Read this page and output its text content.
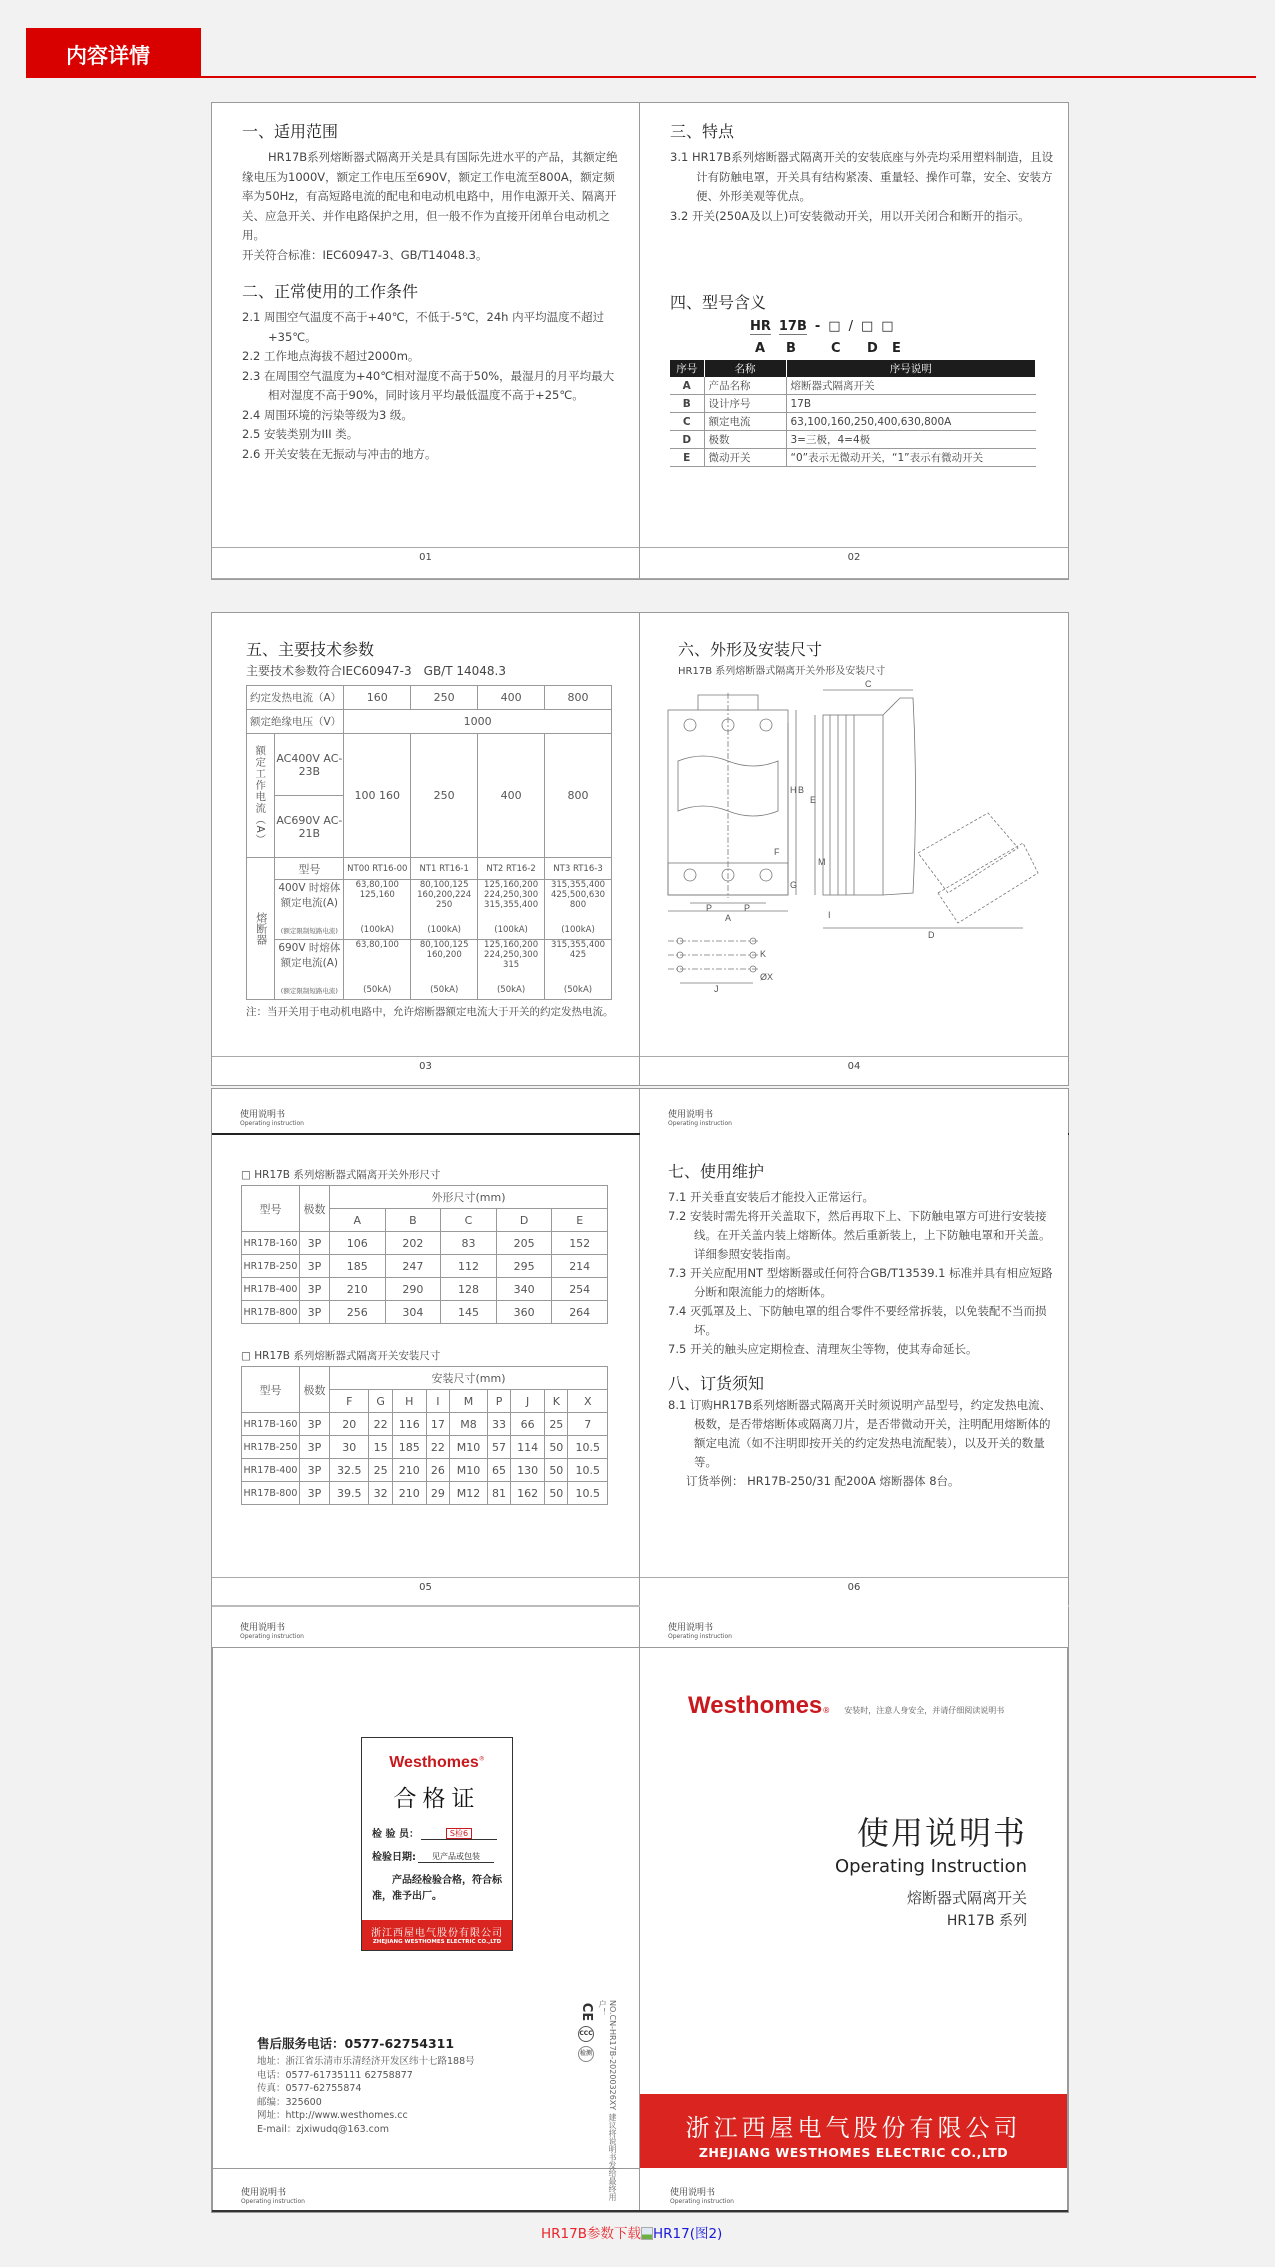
内容详情
一、适用范围

HR17B系列熔断器式隔离开关是具有国际先进水平的产品，其额定绝缘电压为1000V，额定工作电压至690V，额定工作电流至800A，额定频率为50Hz，有高短路电流的配电和电动机电路中，用作电源开关、隔离开关、应急开关、并作电路保护之用，但一般不作为直接开闭单台电动机之用。

开关符合标准：IEC60947-3、GB/T14048.3。

二、正常使用的工作条件

2.1 周围空气温度不高于+40℃，不低于-5℃，24h 内平均温度不超过+35℃。

2.2 工作地点海拔不超过2000m。

2.3 在周围空气温度为+40℃相对湿度不高于50%，最湿月的月平均最大相对湿度不高于90%，同时该月平均最低温度不高于+25℃。

2.4 周围环境的污染等级为3 级。

2.5 安装类别为III 类。

2.6 开关安装在无振动与冲击的地方。

01
三、特点

3.1 HR17B系列熔断器式隔离开关的安装底座与外壳均采用塑料制造，且设计有防触电罩，开关具有结构紧凑、重量轻、操作可靠，安全、安装方便、外形美观等优点。

3.2 开关(250A及以上)可安装微动开关，用以开关闭合和断开的指示。

四、型号含义
HR 17B - □ / □ □
A	B	C	D	E
序号	名称	序号说明
A	产品名称	熔断器式隔离开关
B	设计序号	17B
C	额定电流	63,100,160,250,400,630,800A
D	极数	3=三极，4=4极
E	微动开关	“0”表示无微动开关，“1”表示有微动开关
02
五、主要技术参数

主要技术参数符合IEC60947-3　GB/T 14048.3

约定发热电流（A）		160	250	400	800
额定绝缘电压（V）		1000			
额定工作电流（A）	AC400V AC-23B	100 160	250	400	800
	AC690V AC-21B				
熔断器	型号	NT00 RT16-00	NT1 RT16-1	NT2 RT16-2	NT3 RT16-3
	400V 时熔体额定电流(A)	63,80,100 125,160	80,100,125 160,200,224 250	125,160,200 224,250,300 315,355,400	315,355,400 425,500,630 800
	(额定限制短路电流)	(100kA)	(100kA)	(100kA)	(100kA)
	690V 时熔体额定电流(A)	63,80,100	80,100,125 160,200	125,160,200 224,250,300 315	315,355,400 425
	(额定限制短路电流)	(50kA)	(50kA)	(50kA)	(50kA)

注：当开关用于电动机电路中，允许熔断器额定电流大于开关的约定发热电流。

03
六、外形及安装尺寸

HR17B 系列熔断器式隔离开关外形及安装尺寸

A
B
C
D
E
F
G
H
I
J
K
M
P	P
ØX
04
使用说明书
Operating instruction

□ HR17B 系列熔断器式隔离开关外形尺寸

型号	极数	外形尺寸(mm)				
		A	B	C	D	E
HR17B-160	3P	106	202	83	205	152
HR17B-250	3P	185	247	112	295	214
HR17B-400	3P	210	290	128	340	254
HR17B-800	3P	256	304	145	360	264

□ HR17B 系列熔断器式隔离开关安装尺寸

型号	极数	安装尺寸(mm)								
		F	G	H	I	M	P	J	K	X
HR17B-160	3P	20	22	116	17	M8	33	66	25	7
HR17B-250	3P	30	15	185	22	M10	57	114	50	10.5
HR17B-400	3P	32.5	25	210	26	M10	65	130	50	10.5
HR17B-800	3P	39.5	32	210	29	M12	81	162	50	10.5
05
使用说明书
Operating instruction
使用说明书
Operating instruction
七、使用维护

7.1 开关垂直安装后才能投入正常运行。

7.2 安装时需先将开关盖取下，然后再取下上、下防触电罩方可进行安装接线。在开关盖内装上熔断体。然后重新装上，上下防触电罩和开关盖。详细参照安装指南。

7.3 开关应配用NT 型熔断器或任何符合GB/T13539.1 标准并具有相应短路分断和限流能力的熔断体。

7.4 灭弧罩及上、下防触电罩的组合零件不要经常拆装，以免装配不当而损坏。

7.5 开关的触头应定期检查、清理灰尘等物，使其寿命延长。

八、订货须知

8.1 订购HR17B系列熔断器式隔离开关时须说明产品型号，约定发热电流、极数，是否带熔断体或隔离刀片，是否带微动开关，注明配用熔断体的额定电流（如不注明即按开关的约定发热电流配装），以及开关的数量等。

订货举例： HR17B-250/31 配200A 熔断器体 8台。

06
使用说明书
Operating instruction
使用说明书
Operating instruction

售后服务电话：0577-62754311

地址：浙江省乐清市乐清经济开发区纬十七路188号

电话：0577-61735111 62758877

传真：0577-62755874

邮编：325600

网址：http://www.westhomes.cc

E-mail：zjxiwudq@163.com

CE
CCC
检测	NO.CN-HR17B-20200326XY 建议将说明书发给最终用户！
Westhomes ® 安装时，注意人身安全，并请仔细阅读说明书

使用说明书

Operating Instruction

熔断器式隔离开关

HR17B 系列

浙江西屋电气股份有限公司

ZHEJIANG WESTHOMES ELECTRIC CO.,LTD

使用说明书
Operating instruction
Westhomes®

合格证

检 验 员：	S检6
检验日期:	见产品或包装

产品经检验合格，符合标准，准予出厂。

浙江西屋电气股份有限公司

ZHEJIANG WESTHOMES ELECTRIC CO.,LTD

HR17B参数下载 HR17(图2)
